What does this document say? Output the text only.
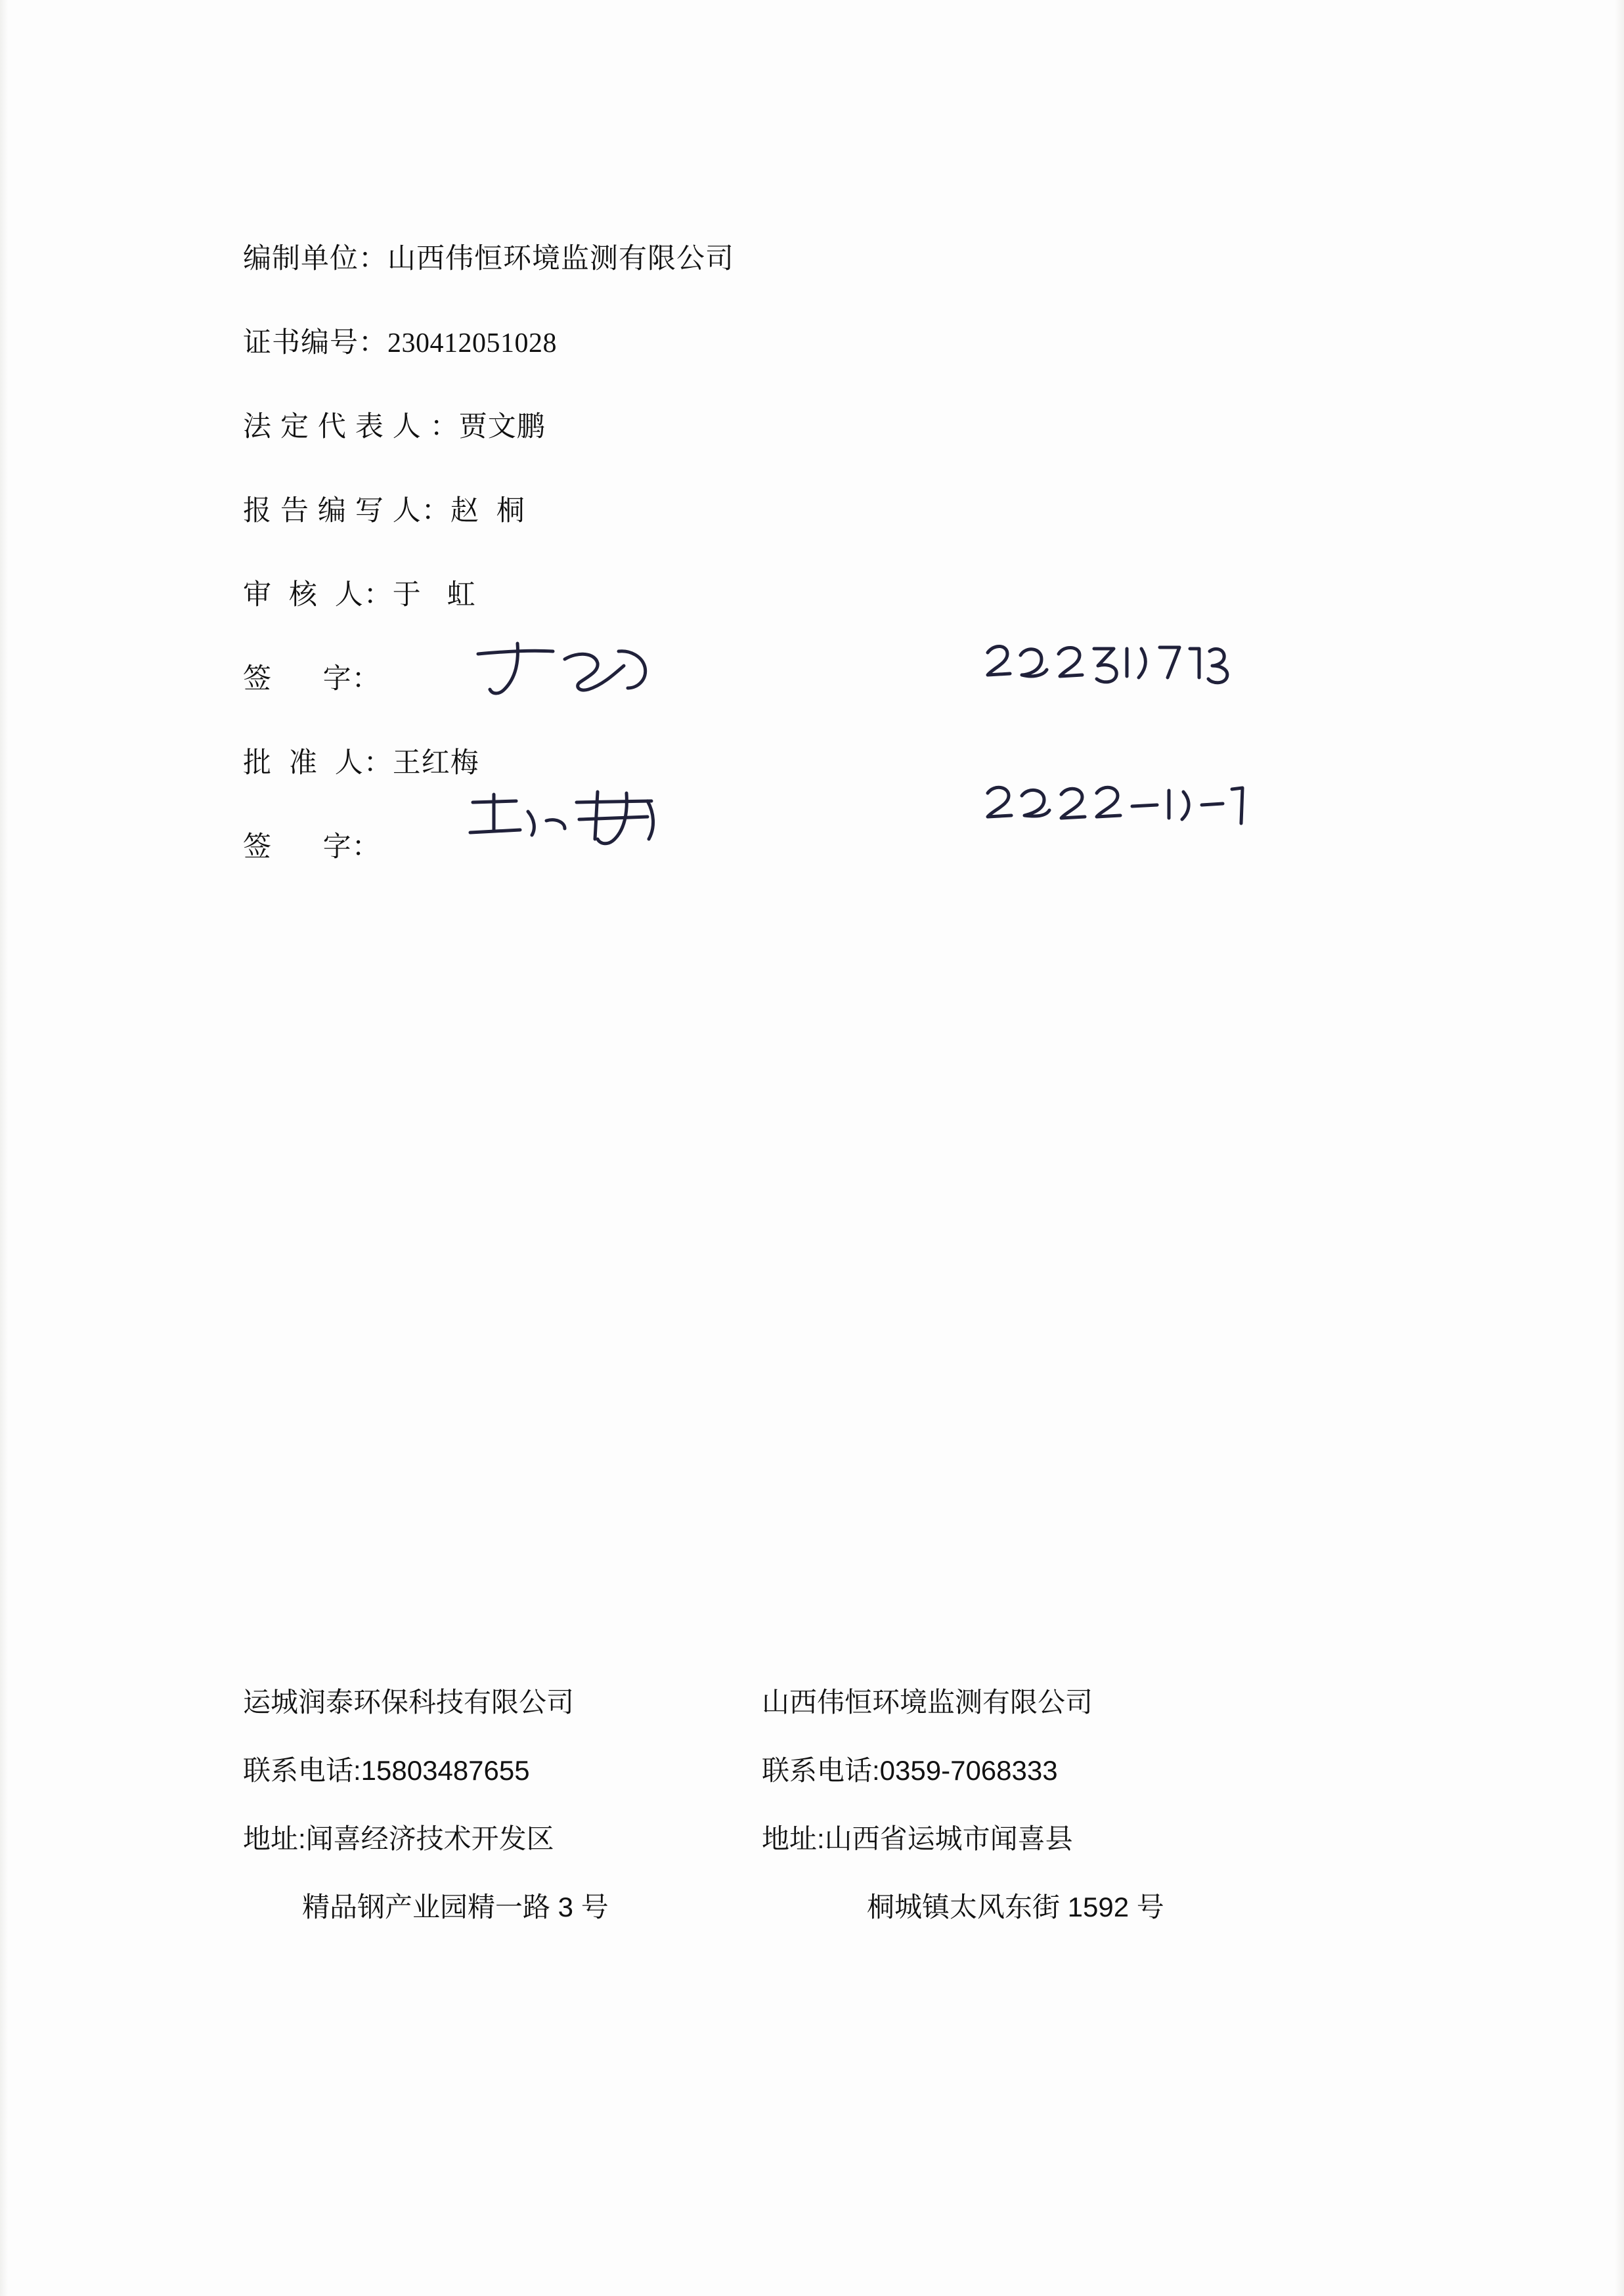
编制单位： 山西伟恒环境监测有限公司
证书编号： 230412051028
法 定 代 表 人 ： 贾文鹏
报 告 编 写 人： 赵  桐
审  核  人： 于   虹
签      字：
批  准  人： 王红梅
签      字：
运城润泰环保科技有限公司	山西伟恒环境监测有限公司
联系电话:15803487655	联系电话:0359-7068333
地址:闻喜经济技术开发区	地址:山西省运城市闻喜县
精品钢产业园精一路 3 号	桐城镇太风东街 1592 号
